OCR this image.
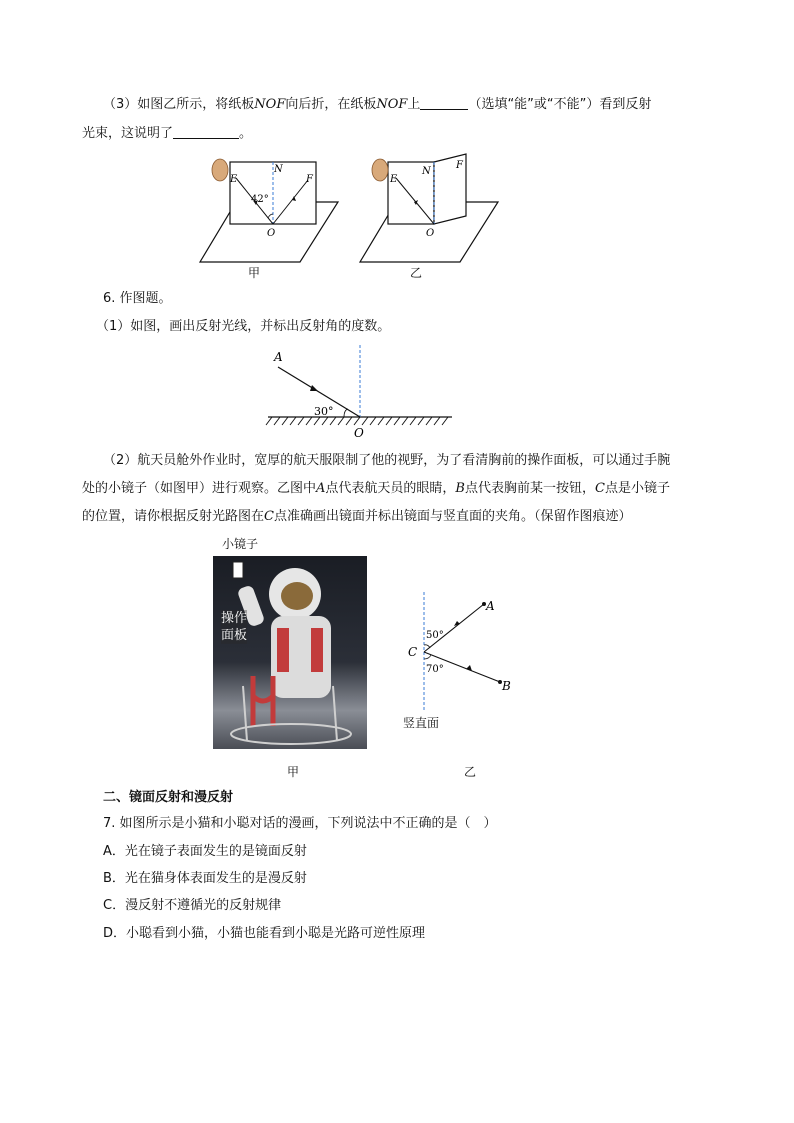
（3）如图乙所示，将纸板NOF向后折，在纸板NOF上	（选填“能”或“不能”）看到反射
光束，这说明了	。
E
N
F
42°
O
甲
E
N
F
O
乙
6. 作图题。
（1）如图，画出反射光线，并标出反射角的度数。
A
30°
O
（2）航天员舱外作业时，宽厚的航天服限制了他的视野，为了看清胸前的操作面板，可以通过手腕
处的小镜子（如图甲）进行观察。乙图中A点代表航天员的眼睛，B点代表胸前某一按钮，C点是小镜子
的位置，请你根据反射光路图在C点准确画出镜面并标出镜面与竖直面的夹角。（保留作图痕迹）
小镜子
操作
面板
甲
50°
70°
C
A
B
竖直面
乙
二、镜面反射和漫反射
7. 如图所示是小猫和小聪对话的漫画，下列说法中不正确的是（　）
A．光在镜子表面发生的是镜面反射
B．光在猫身体表面发生的是漫反射
C．漫反射不遵循光的反射规律
D．小聪看到小猫，小猫也能看到小聪是光路可逆性原理
